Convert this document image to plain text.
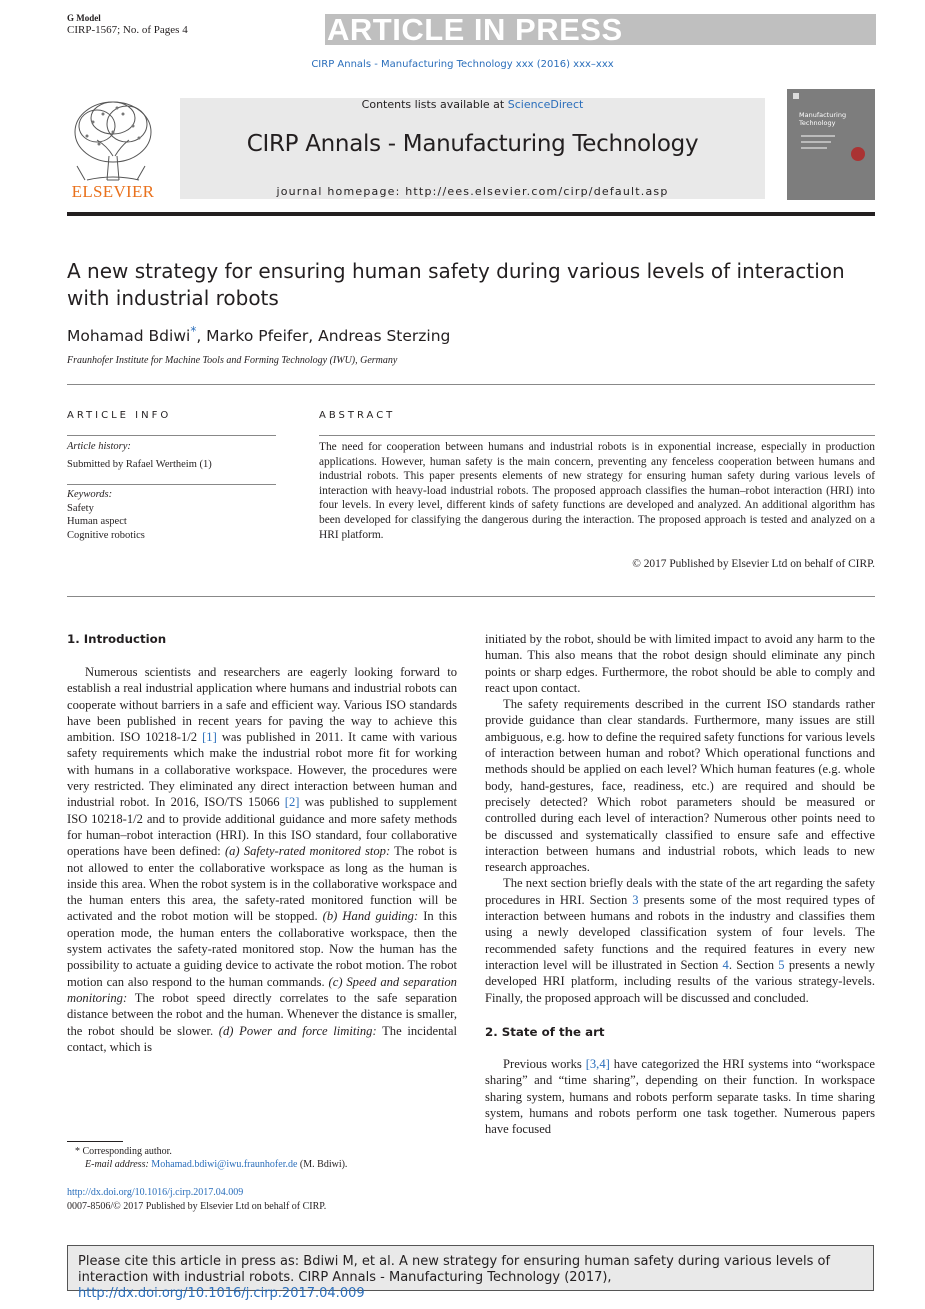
G Model
CIRP-1567; No. of Pages 4	ARTICLE IN PRESS
CIRP Annals - Manufacturing Technology xxx (2016) xxx–xxx
ELSEVIER
Contents lists available at ScienceDirect
CIRP Annals - Manufacturing Technology
journal homepage: http://ees.elsevier.com/cirp/default.asp
Manufacturing Technology
A new strategy for ensuring human safety during various levels of interaction with industrial robots
Mohamad Bdiwi*, Marko Pfeifer, Andreas Sterzing
Fraunhofer Institute for Machine Tools and Forming Technology (IWU), Germany
ARTICLE INFO
Article history:
Submitted by Rafael Wertheim (1)
Keywords:
Safety
Human aspect
Cognitive robotics
ABSTRACT
The need for cooperation between humans and industrial robots is in exponential increase, especially in production applications. However, human safety is the main concern, preventing any fenceless cooperation between humans and industrial robots. This paper presents elements of new strategy for ensuring human safety during various levels of interaction with heavy-load industrial robots. The proposed approach classifies the human–robot interaction (HRI) into four levels. In every level, different kinds of safety functions are developed and analyzed. An additional algorithm has been developed for classifying the dangerous during the interaction. The proposed approach is tested and analyzed on a HRI platform.
© 2017 Published by Elsevier Ltd on behalf of CIRP.
1. Introduction

Numerous scientists and researchers are eagerly looking forward to establish a real industrial application where humans and industrial robots can cooperate without barriers in a safe and efficient way. Various ISO standards have been published in recent years for paving the way to achieve this ambition. ISO 10218-1/2 [1] was published in 2011. It came with various safety requirements which make the industrial robot more fit for working with humans in a collaborative workspace. However, the procedures were very restricted. They eliminated any direct interaction between human and industrial robot. In 2016, ISO/TS 15066 [2] was published to supplement ISO 10218-1/2 and to provide additional guidance and more safety methods for human–robot interaction (HRI). In this ISO standard, four collaborative operations have been defined: (a) Safety-rated monitored stop: The robot is not allowed to enter the collaborative workspace as long as the human is inside this area. When the robot system is in the collaborative workspace and the human enters this area, the safety-rated monitored function will be activated and the robot motion will be stopped. (b) Hand guiding: In this operation mode, the human enters the collaborative workspace, then the system activates the safety-rated monitored stop. Now the human has the possibility to actuate a guiding device to activate the robot motion. The robot motion can also respond to the human commands. (c) Speed and separation monitoring: The robot speed directly correlates to the safe separation distance between the robot and the human. Whenever the distance is smaller, the robot should be slower. (d) Power and force limiting: The incidental contact, which is

initiated by the robot, should be with limited impact to avoid any harm to the human. This also means that the robot design should eliminate any pinch points or sharp edges. Furthermore, the robot should be able to comply and react upon contact.

The safety requirements described in the current ISO standards rather provide guidance than clear standards. Furthermore, many issues are still ambiguous, e.g. how to define the required safety functions for various levels of interaction between human and robot? Which operational functions and methods should be applied on each level? Which human features (e.g. whole body, hand-gestures, face, readiness, etc.) are required and should be precisely detected? Which robot parameters should be measured or controlled during each level of interaction? Numerous other points need to be discussed and systematically classified to ensure safe and effective interaction between humans and industrial robots, which leads to new research approaches.

The next section briefly deals with the state of the art regarding the safety procedures in HRI. Section 3 presents some of the most required types of interaction between humans and robots in the industry and classifies them using a newly developed classification system of four levels. The recommended safety functions and the required features in every new interaction level will be illustrated in Section 4. Section 5 presents a newly developed HRI platform, including results of the various strategy-levels. Finally, the proposed approach will be discussed and concluded.

2. State of the art

Previous works [3,4] have categorized the HRI systems into “workspace sharing” and “time sharing”, depending on their function. In workspace sharing system, humans and robots perform separate tasks. In time sharing system, humans and robots perform one task together. Numerous papers have focused

* Corresponding author.
E-mail address: Mohamad.bdiwi@iwu.fraunhofer.de (M. Bdiwi).
http://dx.doi.org/10.1016/j.cirp.2017.04.009
0007-8506/© 2017 Published by Elsevier Ltd on behalf of CIRP.
Please cite this article in press as: Bdiwi M, et al. A new strategy for ensuring human safety during various levels of interaction with industrial robots. CIRP Annals - Manufacturing Technology (2017), http://dx.doi.org/10.1016/j.cirp.2017.04.009
